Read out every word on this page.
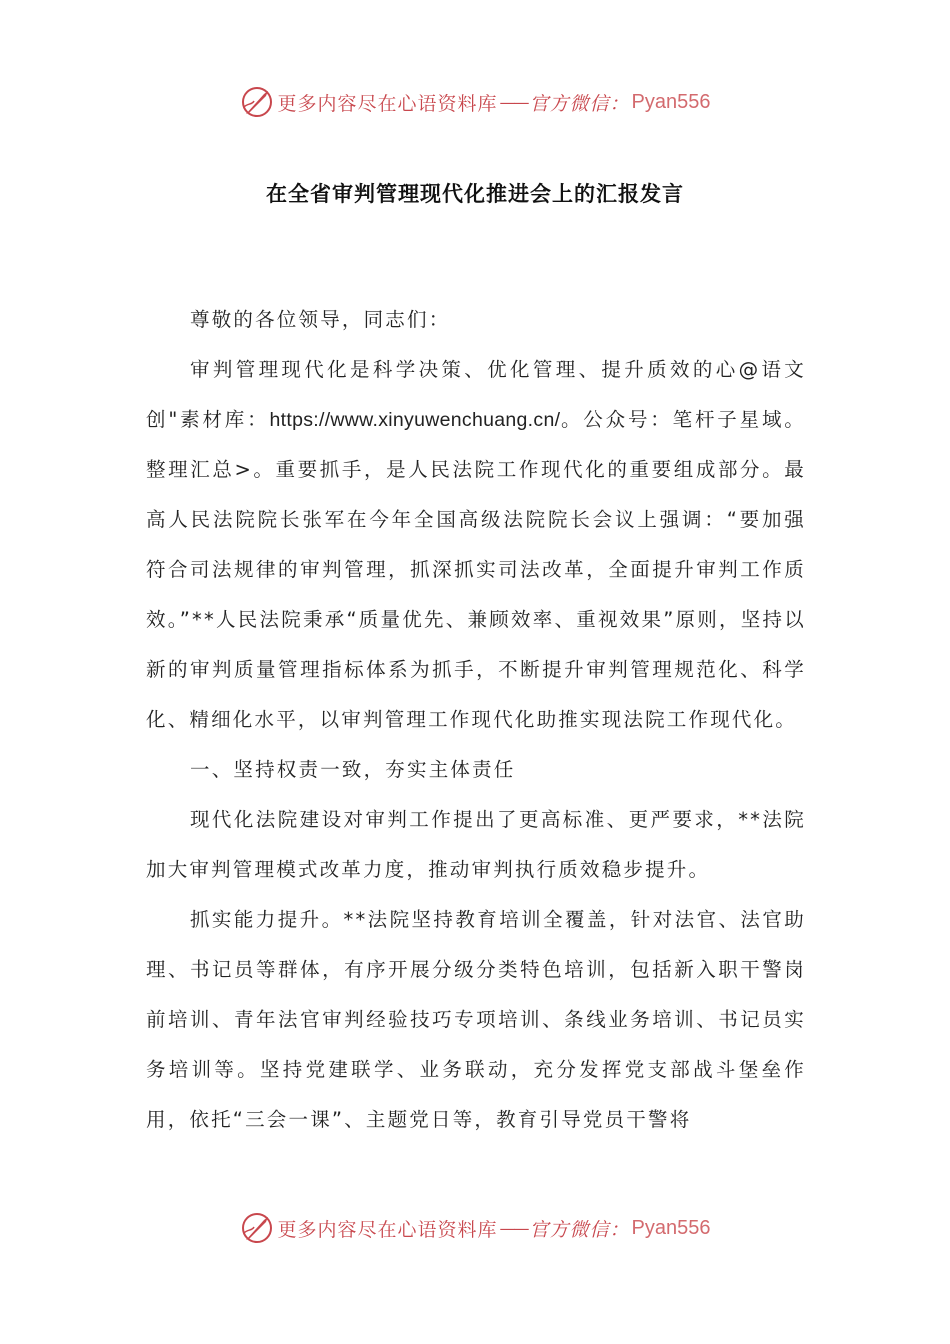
更多内容尽在心语资料库 —— 官方微信： Pyan556
在全省审判管理现代化推进会上的汇报发言

尊敬的各位领导，同志们：

审判管理现代化是科学决策、优化管理、提升质效的心@语文创"素材库：https://www.xinyuwenchuang.cn/。公众号：笔杆子星域。整理汇总>。重要抓手，是人民法院工作现代化的重要组成部分。最高人民法院院长张军在今年全国高级法院院长会议上强调：“要加强符合司法规律的审判管理，抓深抓实司法改革，全面提升审判工作质效。”**人民法院秉承“质量优先、兼顾效率、重视效果”原则，坚持以新的审判质量管理指标体系为抓手，不断提升审判管理规范化、科学化、精细化水平，以审判管理工作现代化助推实现法院工作现代化。

一、坚持权责一致，夯实主体责任

现代化法院建设对审判工作提出了更高标准、更严要求，**法院加大审判管理模式改革力度，推动审判执行质效稳步提升。

抓实能力提升。**法院坚持教育培训全覆盖，针对法官、法官助理、书记员等群体，有序开展分级分类特色培训，包括新入职干警岗前培训、青年法官审判经验技巧专项培训、条线业务培训、书记员实务培训等。坚持党建联学、业务联动，充分发挥党支部战斗堡垒作用，依托“三会一课”、主题党日等，教育引导党员干警将

更多内容尽在心语资料库 —— 官方微信： Pyan556
